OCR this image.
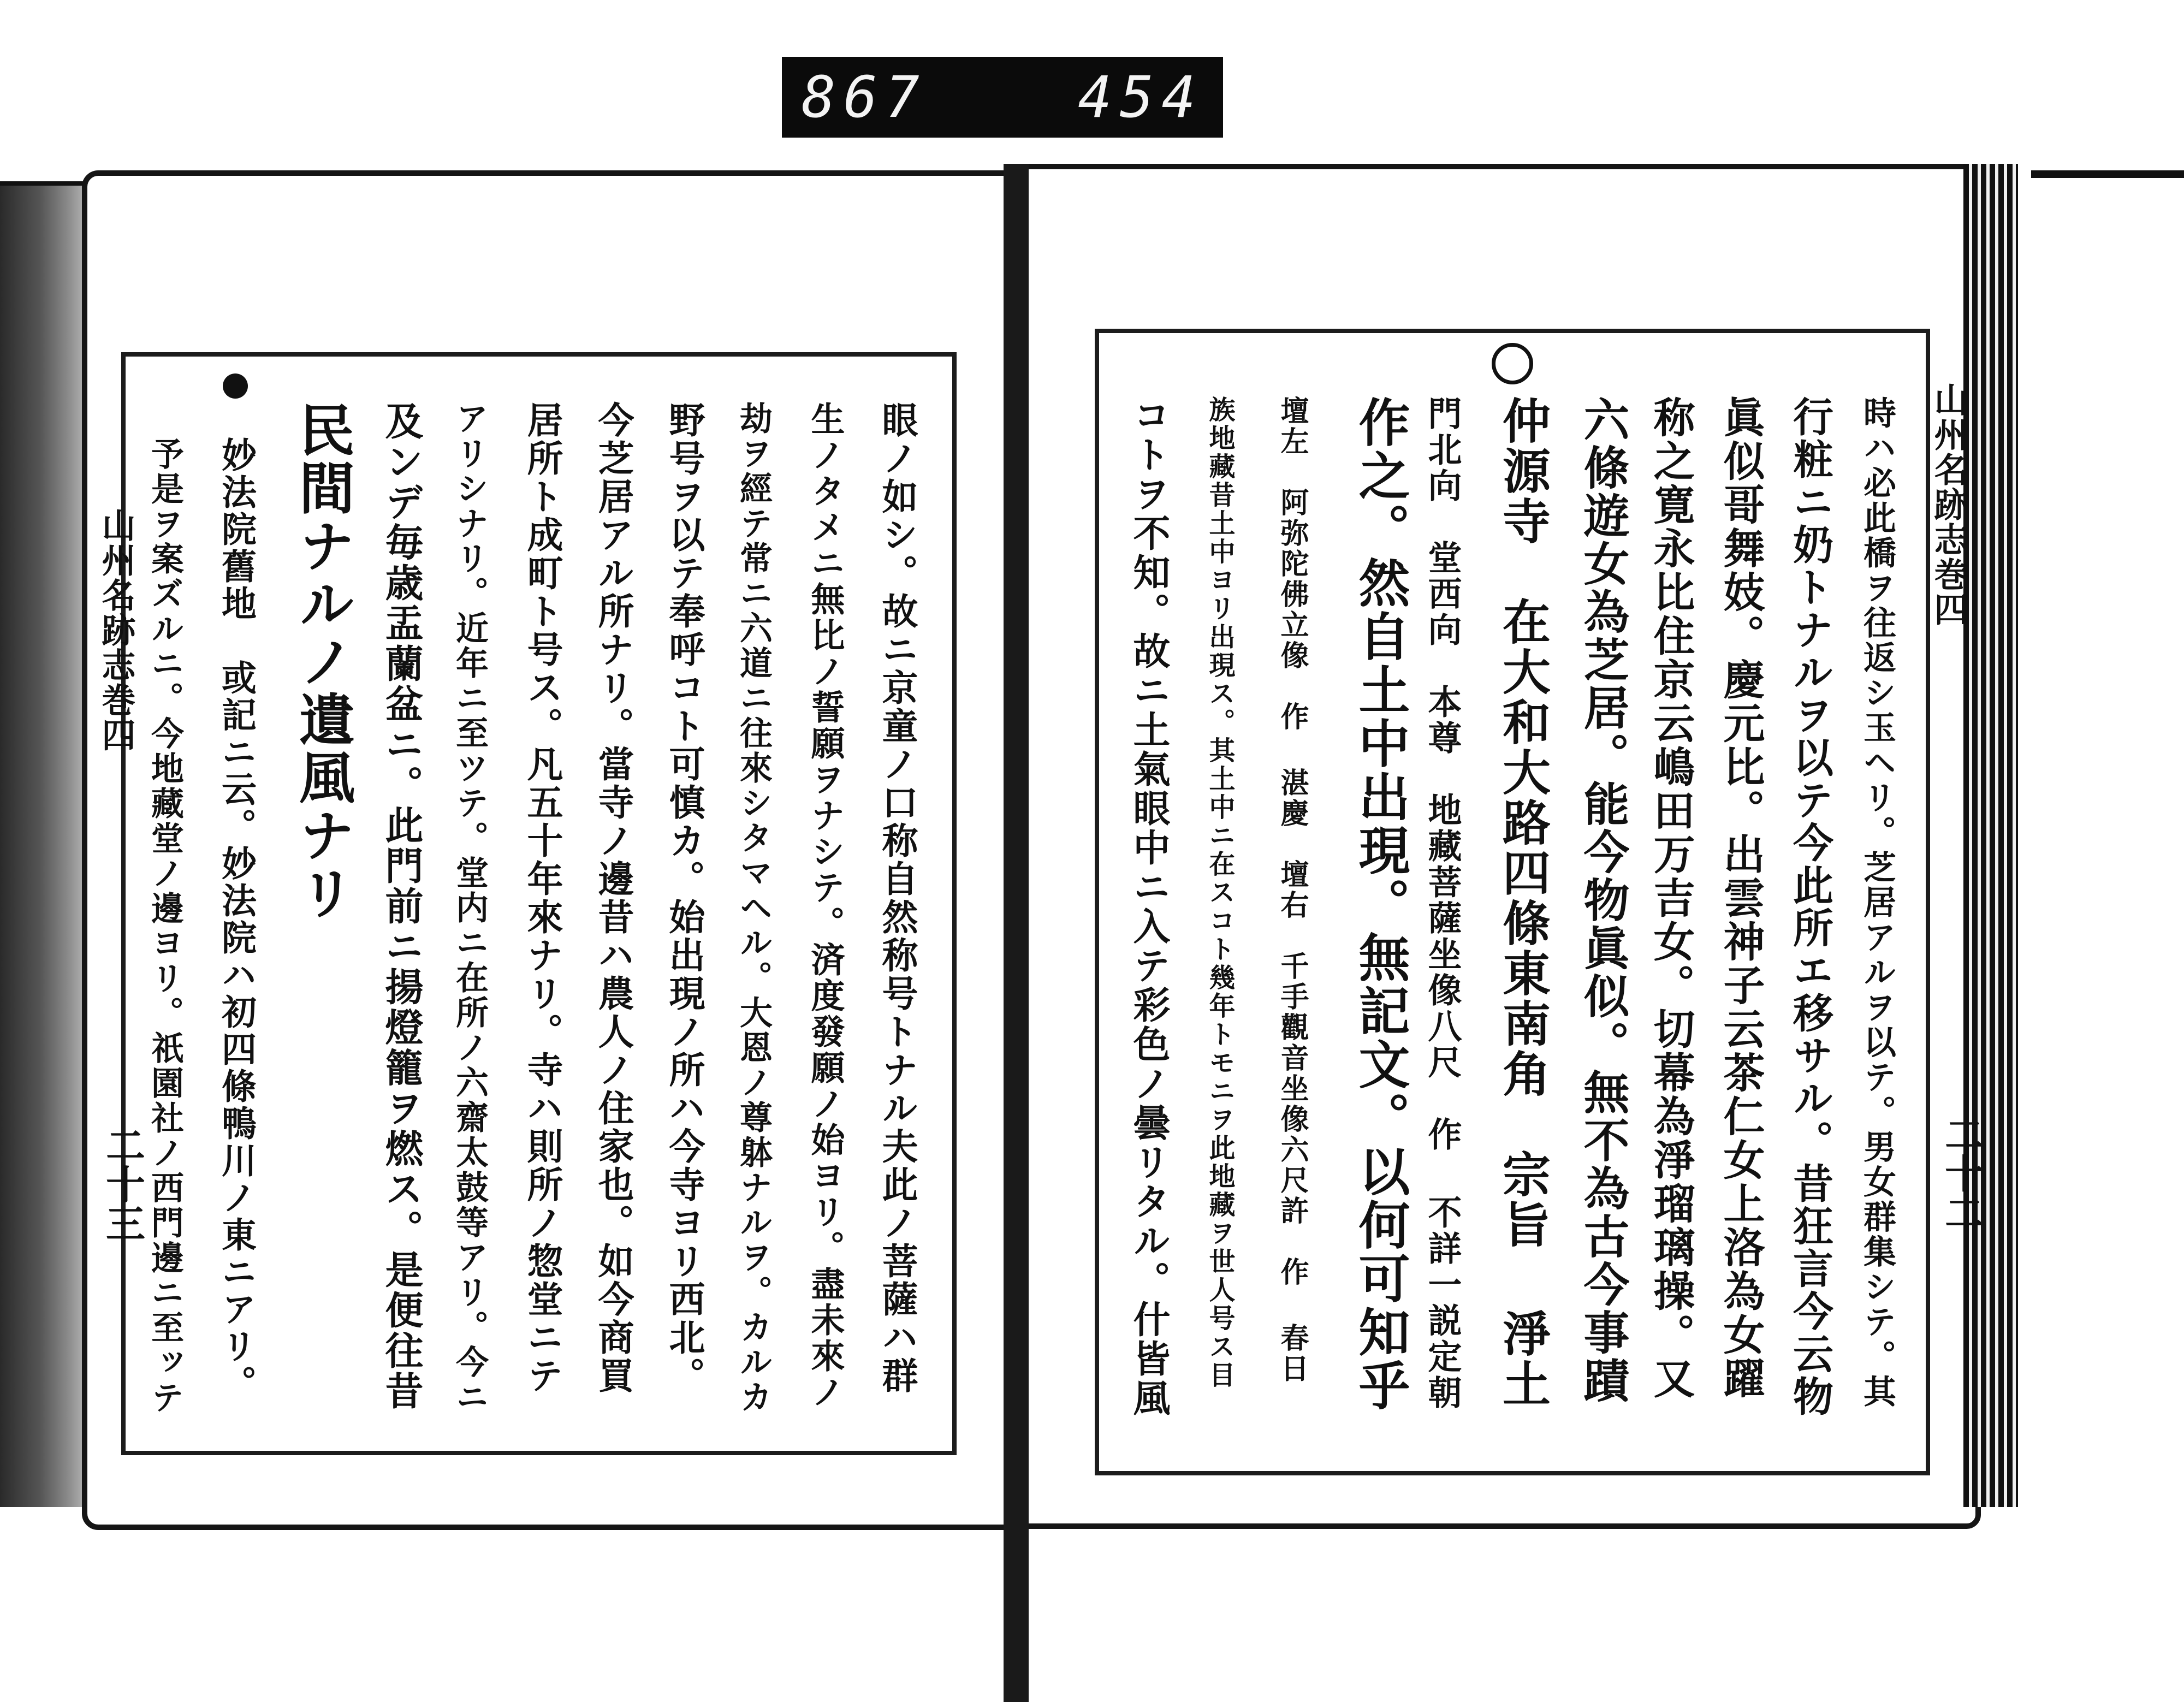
867	454
山州名跡志巻四
山州名跡志巻四
二十三	二十二
時ハ必此橋ヲ往返シ玉ヘリ。芝居アルヲ以テ。男女群集シテ。其
行粧ニ奶トナルヲ以テ今此所エ移サル。昔狂言今云物
眞似哥舞妓。慶元比。出雲神子云茶仁女上洛為女躍
称之寛永比住京云嶋田万吉女。切幕為淨瑠璃操。又
六條遊女為芝居。能今物眞似。無不為古今事蹟
仲源寺　在大和大路四條東南角　宗旨 淨土
門北向　堂西向　本尊　地藏菩薩坐像八尺　作 不詳一説定朝
作之。然自土中出現。無記文。以何可知乎
壇左　阿弥陀佛立像　作 湛慶　壇右　千手觀音坐像六尺許　作 春日
族地藏昔土中ヨリ出現ス。其土中ニ在スコト幾年トモニヲ此地藏ヲ世人号ス目
コトヲ不知。故ニ土氣眼中ニ入テ彩色ノ曇リタル。什皆風
眼ノ如シ。故ニ京童ノ口称自然称号トナル夫此ノ菩薩ハ群
生ノタメニ無比ノ誓願ヲナシテ。済度發願ノ始ヨリ。盡未來ノ
劫ヲ經テ常ニ六道ニ往來シタマヘル。大恩ノ尊躰ナルヲ。カルカ
野号ヲ以テ奉呼コト可慎カ。始出現ノ所ハ今寺ヨリ西北。
今芝居アル所ナリ。當寺ノ邊昔ハ農人ノ住家也。如今商買
居所ト成町ト号ス。凡五十年來ナリ。寺ハ則所ノ惣堂ニテ
アリシナリ。近年ニ至ツテ。堂内ニ在所ノ六齋太鼓等アリ。今ニ
及ンデ毎歳盂蘭盆ニ。此門前ニ揚燈籠ヲ燃ス。是便往昔
民間ナルノ遺風ナリ
妙法院舊地　或記ニ云。妙法院ハ初四條鴨川ノ東ニアリ。
予是ヲ案ズルニ。今地藏堂ノ邊ヨリ。祇園社ノ西門邊ニ至ッテ
